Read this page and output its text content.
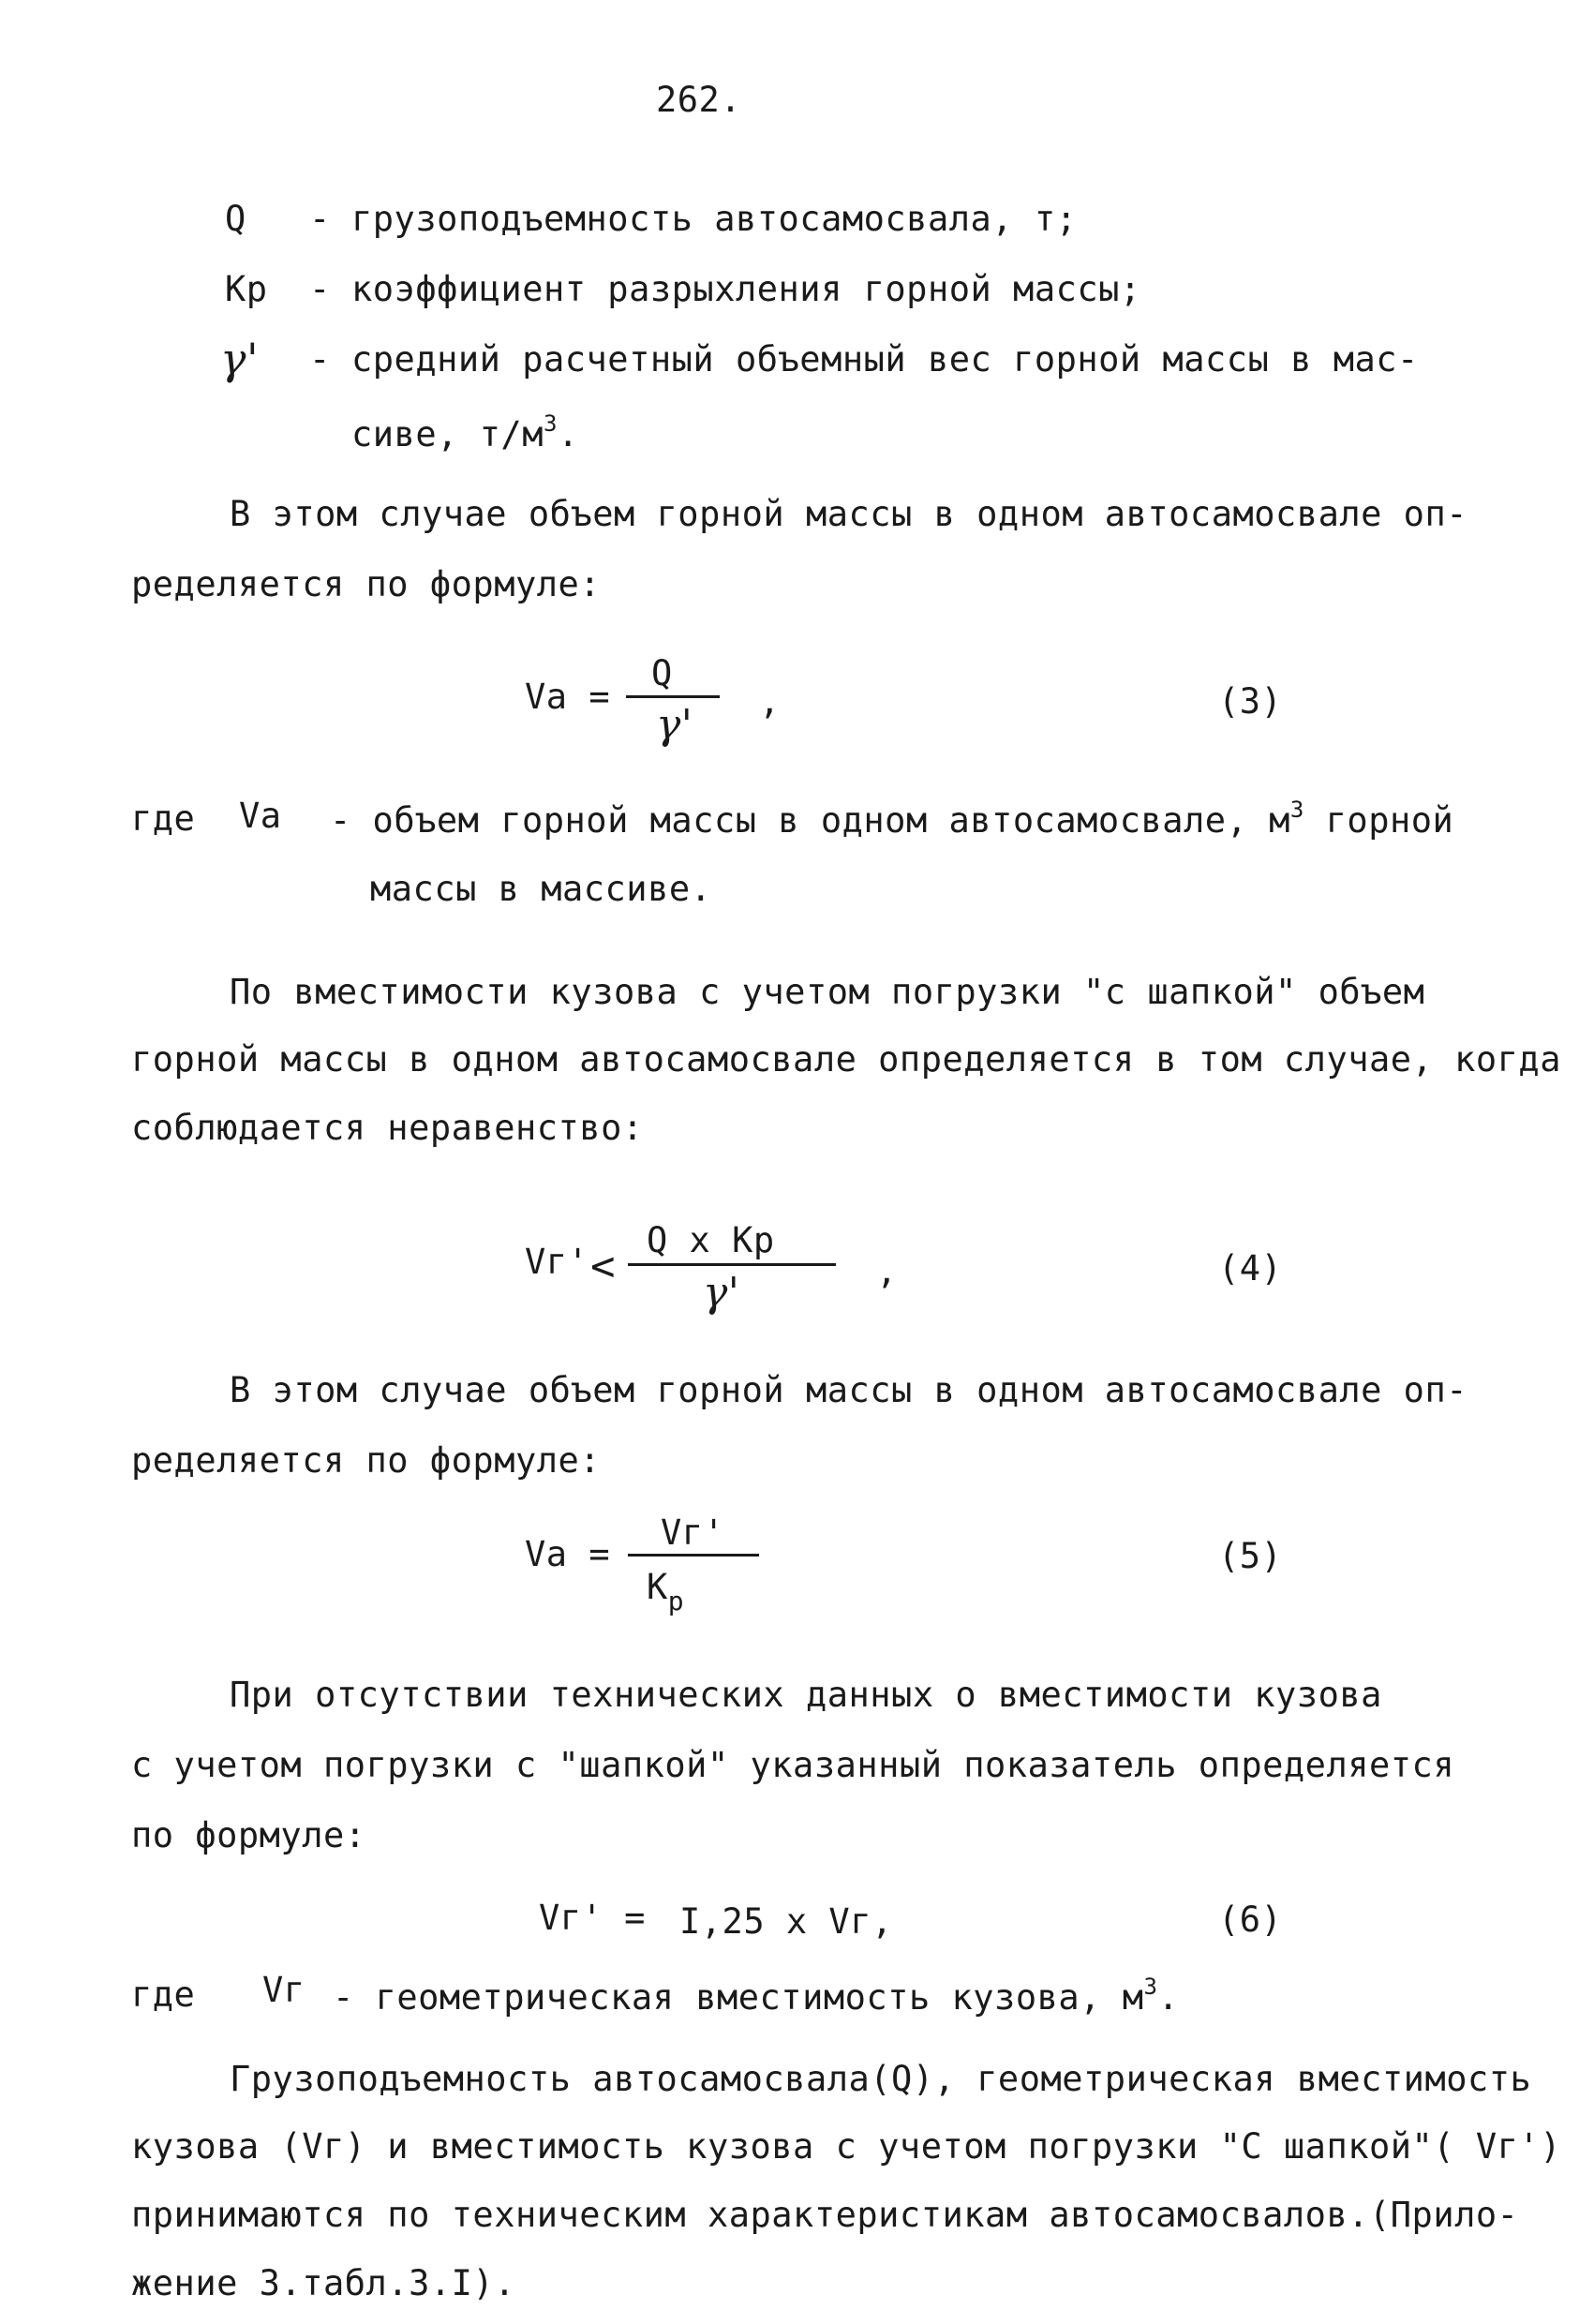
262.
Q - грузоподъемность автосамосвала, т;
Кр - коэффициент разрыхления горной массы;
γ' - средний расчетный объемный вес горной массы в мас-
сиве, $т/м^3$.
В этом случае объем горной массы в одном автосамосвале оп-
ределяется по формуле:
Vа =
Q
γ' ,	(3)
где Vа - объем горной массы в одном автосамосвале, $м^3$ горной
массы в массиве.
По вместимости кузова с учетом погрузки "с шапкой" объем
горной массы в одном автосамосвале определяется в том случае, когда
соблюдается неравенство:
Vг' <
Q х Кр
γ'	,	(4)
В этом случае объем горной массы в одном автосамосвале оп-
ределяется по формуле:
Vа =
Vг'
$К_р$
(5)
При отсутствии технических данных о вместимости кузова
с учетом погрузки с "шапкой" указанный показатель определяется
по формуле:
Vг' = I,25 х Vг,	(6)
где Vг - геометрическая вместимость кузова, $м^3$.
Грузоподъемность автосамосвала(Q), геометрическая вместимость
кузова (Vг) и вместимость кузова с учетом погрузки "С шапкой"( Vг')
принимаются по техническим характеристикам автосамосвалов.(Прило-
жение 3.табл.3.I).
